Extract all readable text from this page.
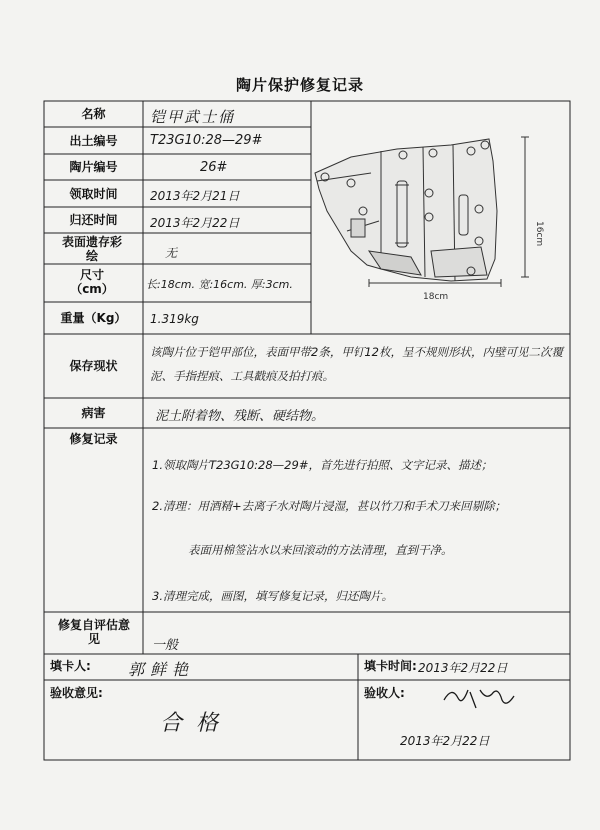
陶片保护修复记录
名称
出土编号
陶片编号
领取时间
归还时间
表面遗存彩绘
尺寸（cm）
重量（Kg）
保存现状
病害
修复记录
修复自评估意见
铠甲武士俑
T23G10:28—29#
26#
2013年2月21日
2013年2月22日
无
长:18cm. 宽:16cm. 厚:3cm.
1.319kg
该陶片位于铠甲部位，表面甲带2条，甲钉12枚，呈不规则形状，内壁可见二次覆泥、手指捏痕、工具戳痕及拍打痕。
泥土附着物、残断、硬结物。
1.领取陶片T23G10:28—29#，首先进行拍照、文字记录、描述；
2.清理：用酒精+去离子水对陶片浸湿，甚以竹刀和手术刀来回剔除；
表面用棉签沾水以来回滚动的方法清理，直到干净。
3.清理完成，画图，填写修复记录，归还陶片。
一般
填卡人: 郭鲜艳	填卡时间: 2013年2月22日
验收意见:
合格
验收人:
2013年2月22日
18cm
16cm
